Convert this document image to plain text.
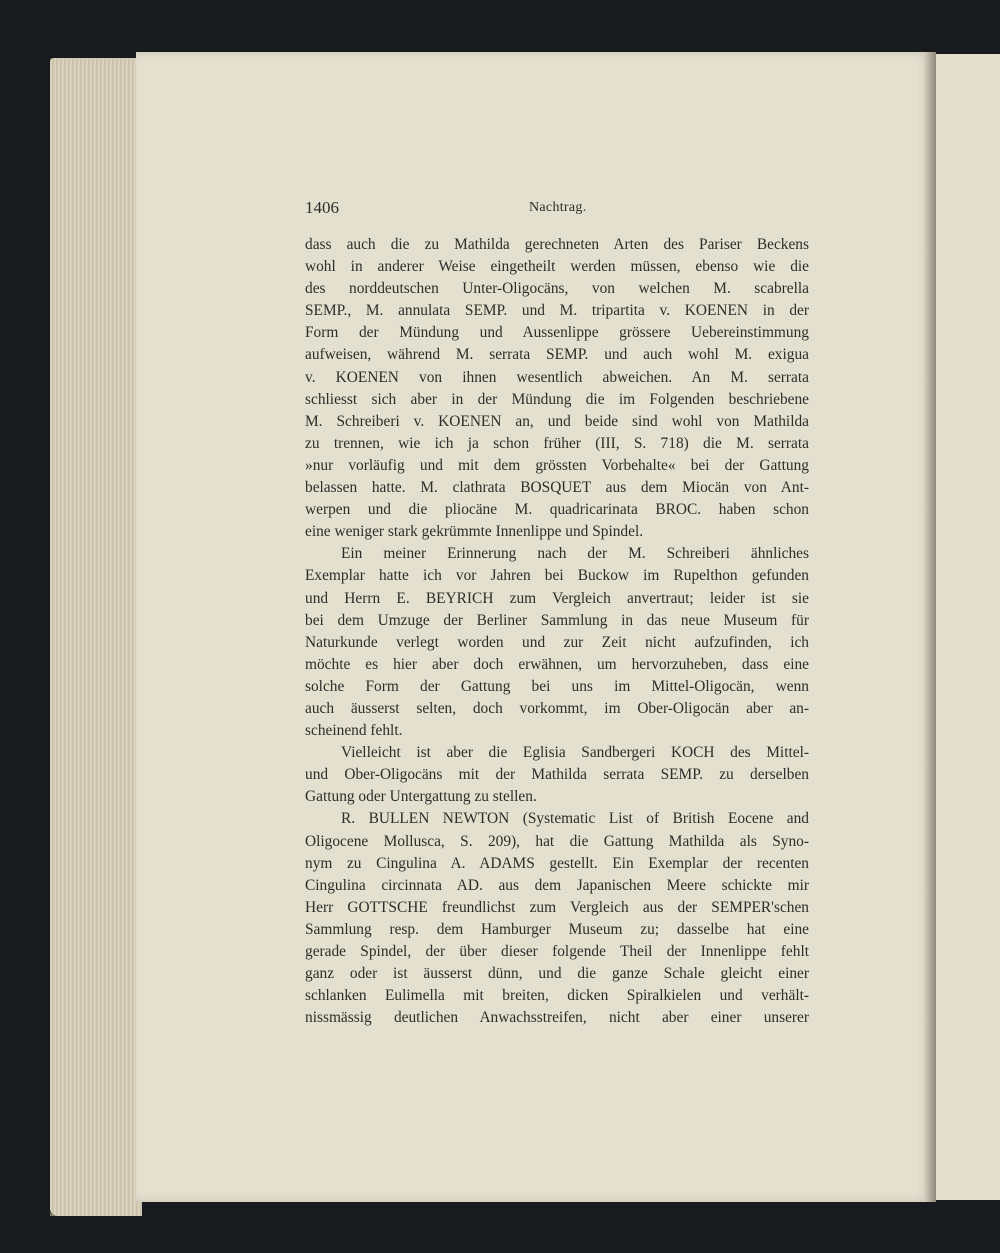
1406	Nachtrag.

dass auch die zu Mathilda gerechneten Arten des Pariser Beckens
wohl in anderer Weise eingetheilt werden müssen, ebenso wie die
des norddeutschen Unter-Oligocäns, von welchen M. scabrella
SEMP., M. annulata SEMP. und M. tripartita v. KOENEN in der
Form der Mündung und Aussenlippe grössere Uebereinstimmung
aufweisen, während M. serrata SEMP. und auch wohl M. exigua
v. KOENEN von ihnen wesentlich abweichen. An M. serrata
schliesst sich aber in der Mündung die im Folgenden beschriebene
M. Schreiberi v. KOENEN an, und beide sind wohl von Mathilda
zu trennen, wie ich ja schon früher (III, S. 718) die M. serrata
»nur vorläufig und mit dem grössten Vorbehalte« bei der Gattung
belassen hatte. M. clathrata BOSQUET aus dem Miocän von Ant-
werpen und die pliocäne M. quadricarinata BROC. haben schon
eine weniger stark gekrümmte Innenlippe und Spindel.

Ein meiner Erinnerung nach der M. Schreiberi ähnliches
Exemplar hatte ich vor Jahren bei Buckow im Rupelthon gefunden
und Herrn E. BEYRICH zum Vergleich anvertraut; leider ist sie
bei dem Umzuge der Berliner Sammlung in das neue Museum für
Naturkunde verlegt worden und zur Zeit nicht aufzufinden, ich
möchte es hier aber doch erwähnen, um hervorzuheben, dass eine
solche Form der Gattung bei uns im Mittel-Oligocän, wenn
auch äusserst selten, doch vorkommt, im Ober-Oligocän aber an-
scheinend fehlt.

Vielleicht ist aber die Eglisia Sandbergeri KOCH des Mittel-
und Ober-Oligocäns mit der Mathilda serrata SEMP. zu derselben
Gattung oder Untergattung zu stellen.

R. BULLEN NEWTON (Systematic List of British Eocene and
Oligocene Mollusca, S. 209), hat die Gattung Mathilda als Syno-
nym zu Cingulina A. ADAMS gestellt. Ein Exemplar der recenten
Cingulina circinnata AD. aus dem Japanischen Meere schickte mir
Herr GOTTSCHE freundlichst zum Vergleich aus der SEMPER'schen
Sammlung resp. dem Hamburger Museum zu; dasselbe hat eine
gerade Spindel, der über dieser folgende Theil der Innenlippe fehlt
ganz oder ist äusserst dünn, und die ganze Schale gleicht einer
schlanken Eulimella mit breiten, dicken Spiralkielen und verhält-
nissmässig deutlichen Anwachsstreifen, nicht aber einer unserer
